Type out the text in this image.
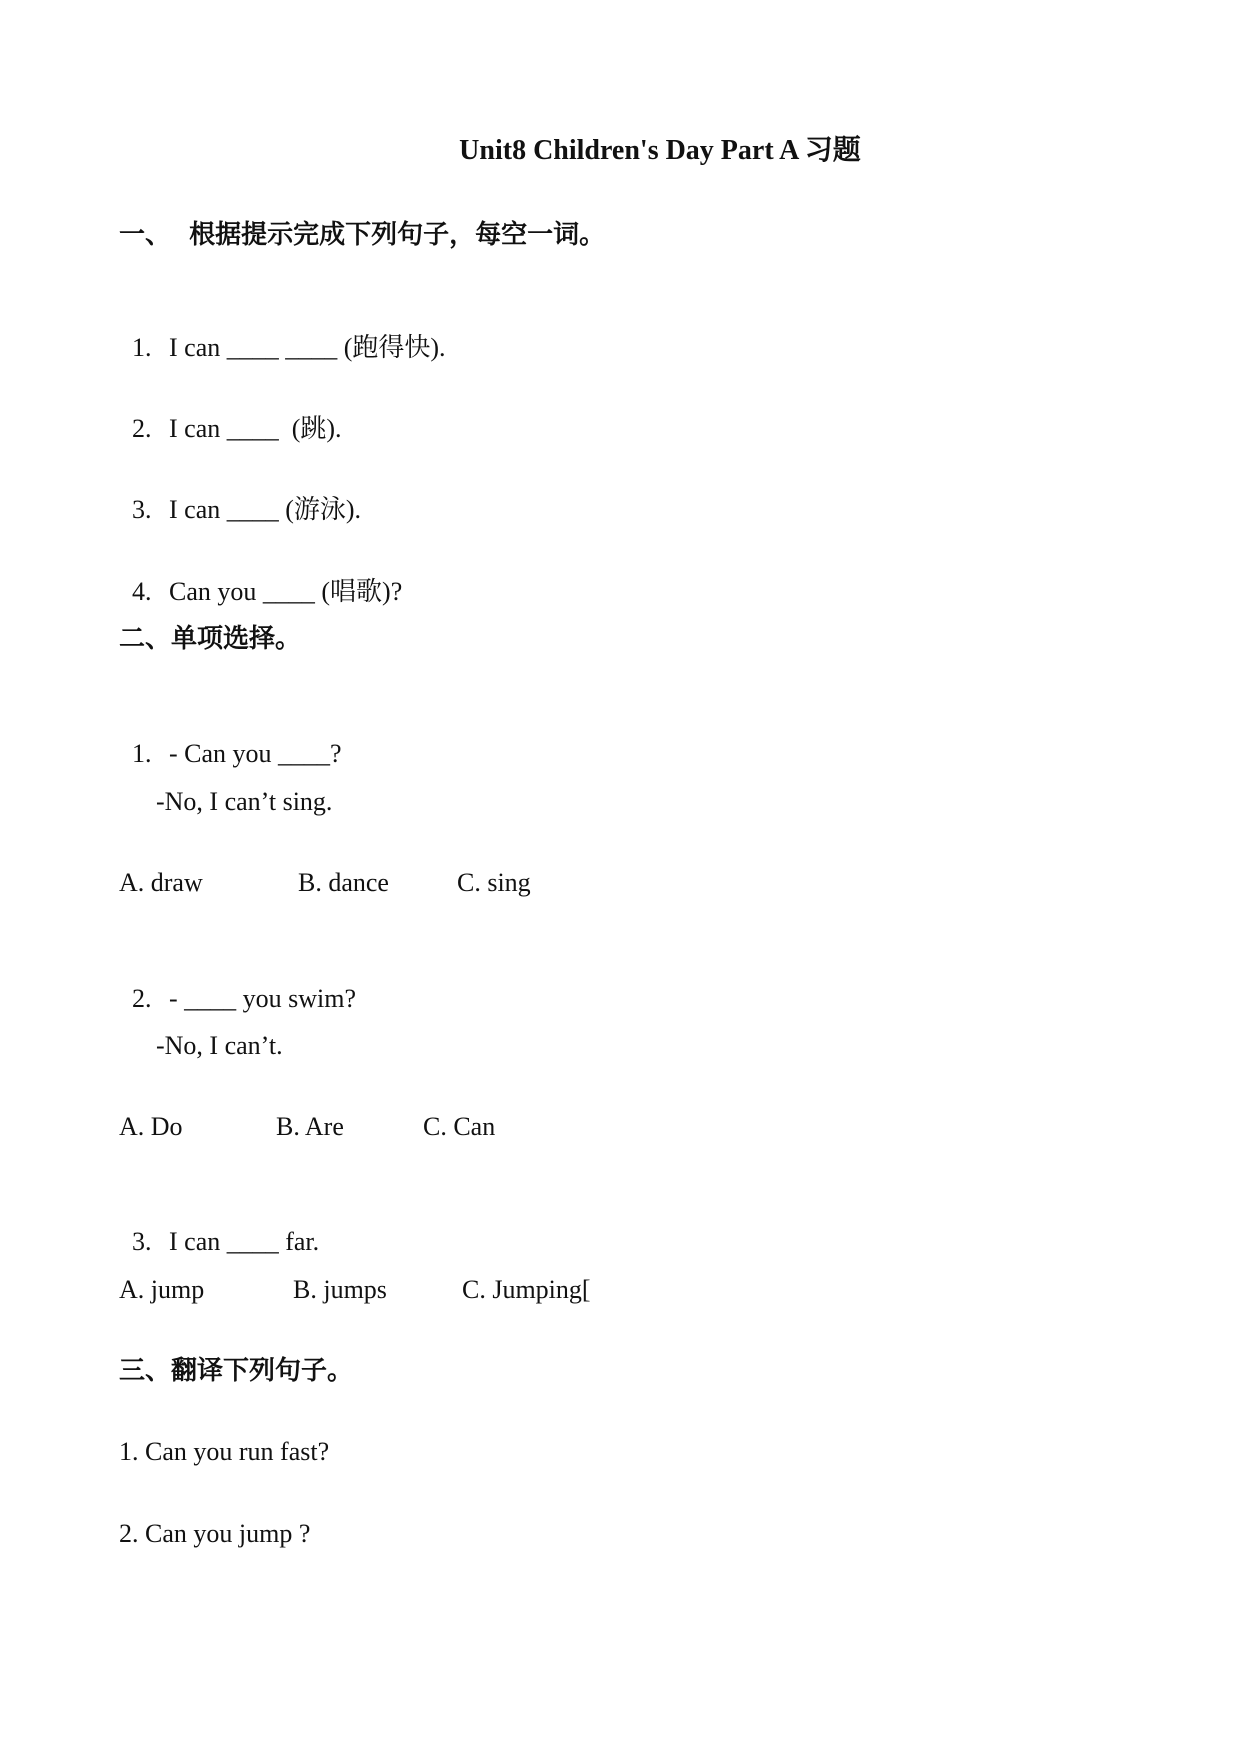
Unit8 Children's Day Part A 习题
一、  根据提示完成下列句子，每空一词。

1. I can ____ ____ (跑得快).

2. I can ____  (跳).

3. I can ____ (游泳).

4. Can you ____ (唱歌)?

二、单项选择。

1. - Can you ____?

-No, I can’t sing.
A. draw	B. dance	C. sing

2. - ____ you swim?

-No, I can’t.
A. Do	B. Are	C. Can

3. I can ____ far.

A. jump	B. jumps	C. Jumping[
三、翻译下列句子。
1. Can you run fast?
2. Can you jump ?
